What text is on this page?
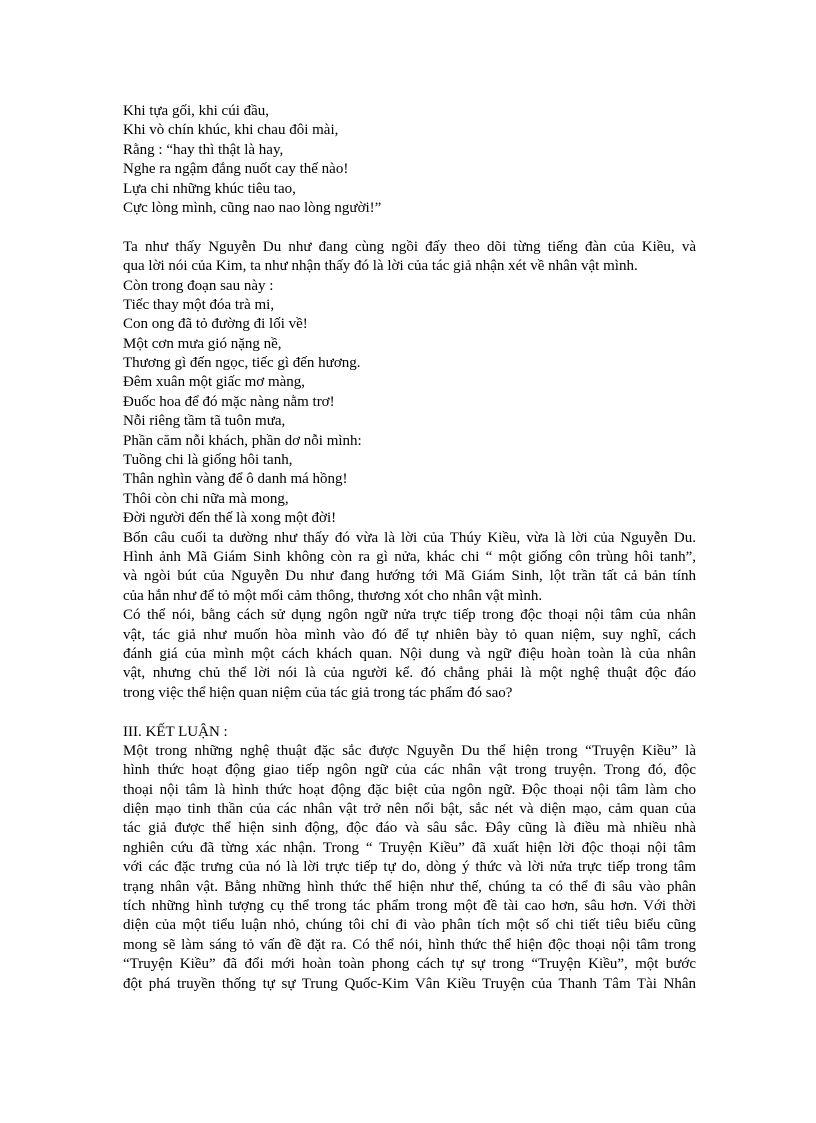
Khi tựa gối, khi cúi đầu,
Khi vò chín khúc, khi chau đôi mài,
Rằng : “hay thì thật là hay,
Nghe ra ngậm đắng nuốt cay thế nào!
Lựa chi những khúc tiêu tao,
Cực lòng mình, cũng nao nao lòng người!”
Ta như thấy Nguyễn Du như đang cùng ngồi đấy theo dõi từng tiếng đàn của Kiều, và
qua lời nói của Kim, ta như nhận thấy đó là lời của tác giả nhận xét về nhân vật mình.
Còn trong đoạn sau này :
Tiếc thay một đóa trà mi,
Con ong đã tỏ đường đi lối về!
Một cơn mưa gió nặng nề,
Thương gì đến ngọc, tiếc gì đến hương.
Đêm xuân một giấc mơ màng,
Đuốc hoa để đó mặc nàng nằm trơ!
Nỗi riêng tầm tã tuôn mưa,
Phần căm nỗi khách, phần dơ nỗi mình:
Tuồng chi là giống hôi tanh,
Thân nghìn vàng để ô danh má hồng!
Thôi còn chi nữa mà mong,
Đời người đến thế là xong một đời!
Bốn câu cuối ta dường như thấy đó vừa là lời của Thúy Kiều, vừa là lời của Nguyễn Du.
Hình ảnh Mã Giám Sinh không còn ra gì nửa, khác chi “ một giống côn trùng hôi tanh”,
và ngòi bút của Nguyễn Du như đang hướng tới Mã Giám Sinh, lột trần tất cả bản tính
của hắn như để tỏ một mối cảm thông, thương xót cho nhân vật mình.
Có thể nói, bằng cách sử dụng ngôn ngữ nửa trực tiếp trong độc thoại nội tâm của nhân
vật, tác giả như muốn hòa mình vào đó để tự nhiên bày tỏ quan niệm, suy nghĩ, cách
đánh giá của mình một cách khách quan. Nội dung và ngữ điệu hoàn toàn là của nhân
vật, nhưng chủ thể lời nói là của người kể. đó chẳng phải là một nghệ thuật độc đáo
trong việc thể hiện quan niệm của tác giả trong tác phẩm đó sao?
III. KẾT LUẬN :
Một trong những nghệ thuật đặc sắc được Nguyễn Du thể hiện trong “Truyện Kiều” là
hình thức hoạt động giao tiếp ngôn ngữ của các nhân vật trong truyện. Trong đó, độc
thoại nội tâm là hình thức hoạt động đặc biệt của ngôn ngữ. Độc thoại nội tâm làm cho
diện mạo tinh thần của các nhân vật trở nên nổi bật, sắc nét và diện mạo, cảm quan của
tác giả được thể hiện sinh động, độc đáo và sâu sắc. Đây cũng là điều mà nhiều nhà
nghiên cứu đã từng xác nhận. Trong “ Truyện Kiều” đã xuất hiện lời độc thoại nội tâm
với các đặc trưng của nó là lời trực tiếp tự do, dòng ý thức và lời nửa trực tiếp trong tâm
trạng nhân vật. Bằng những hình thức thể hiện như thế, chúng ta có thể đi sâu vào phân
tích những hình tượng cụ thể trong tác phẩm trong một đề tài cao hơn, sâu hơn. Với thời
diện của một tiểu luận nhỏ, chúng tôi chỉ đi vào phân tích một số chi tiết tiêu biểu cũng
mong sẽ làm sáng tỏ vấn đề đặt ra. Có thể nói, hình thức thể hiện độc thoại nội tâm trong
“Truyện Kiều” đã đổi mới hoàn toàn phong cách tự sự trong “Truyện Kiều”, một bước
đột phá truyền thống tự sự Trung Quốc-Kim Vân Kiều Truyện của Thanh Tâm Tài Nhân
